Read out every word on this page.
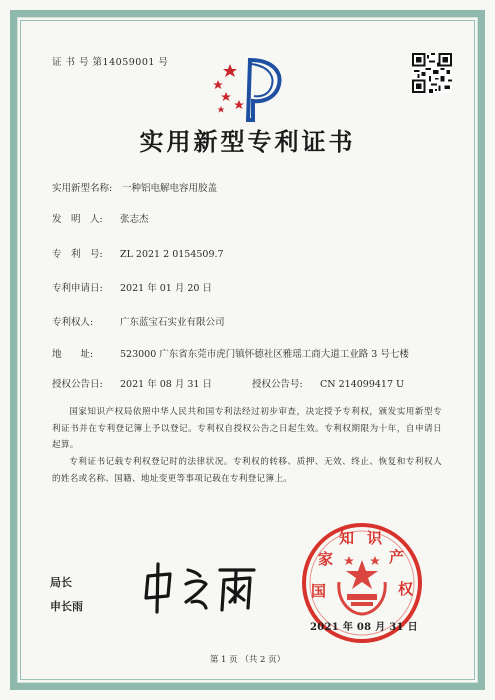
证 书 号 第14059001 号
实用新型专利证书
实用新型名称: 一种铝电解电容用胶盖
发　明　人: 张志杰
专　利　号: ZL 2021 2 0154509.7
专利申请日: 2021 年 01 月 20 日
专利权人:	广东蓝宝石实业有限公司
地　　址:	523000 广东省东莞市虎门镇怀德社区雅瑶工商大道工业路 3 号七楼
授权公告日: 2021 年 08 月 31 日	授权公告号: CN 214099417 U
国家知识产权局依照中华人民共和国专利法经过初步审查，决定授予专利权，颁发实用新型专利证书并在专利登记簿上予以登记。专利权自授权公告之日起生效。专利权期限为十年，自申请日起算。
专利证书记载专利权登记时的法律状况。专利权的转移、质押、无效、终止、恢复和专利权人的姓名或名称、国籍、地址变更等事项记载在专利登记簿上。
局长
申长雨
国
家
知 识
产
权
2021 年 08 月 31 日
第 1 页 （共 2 页）
